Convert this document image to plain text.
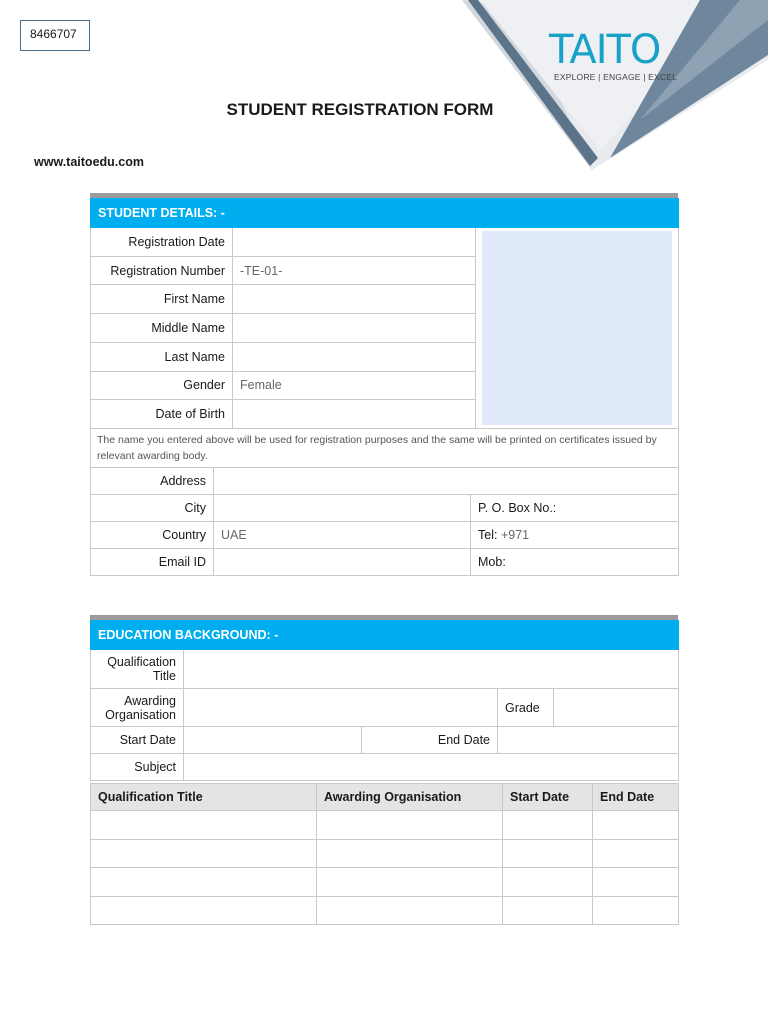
8466707	TAITO
EXPLORE | ENGAGE | EXCEL
STUDENT REGISTRATION FORM
www.taitoedu.com
STUDENT DETAILS: -		
Registration Date		

Registration Number	-TE-01-	
First Name		
Middle Name		
Last Name		
Gender	Female	
Date of Birth		
The name you entered above will be used for registration purposes and the same will be printed on certificates issued by relevant awarding body.		
Address		
City		P. O. Box No.:
Country	UAE	Tel: +971
Email ID		Mob:
EDUCATION BACKGROUND: -				
Qualification Title				
Awarding Organisation			Grade	
Start Date		End Date		
Subject				
Qualification Title	Awarding Organisation	Start Date	End Date
